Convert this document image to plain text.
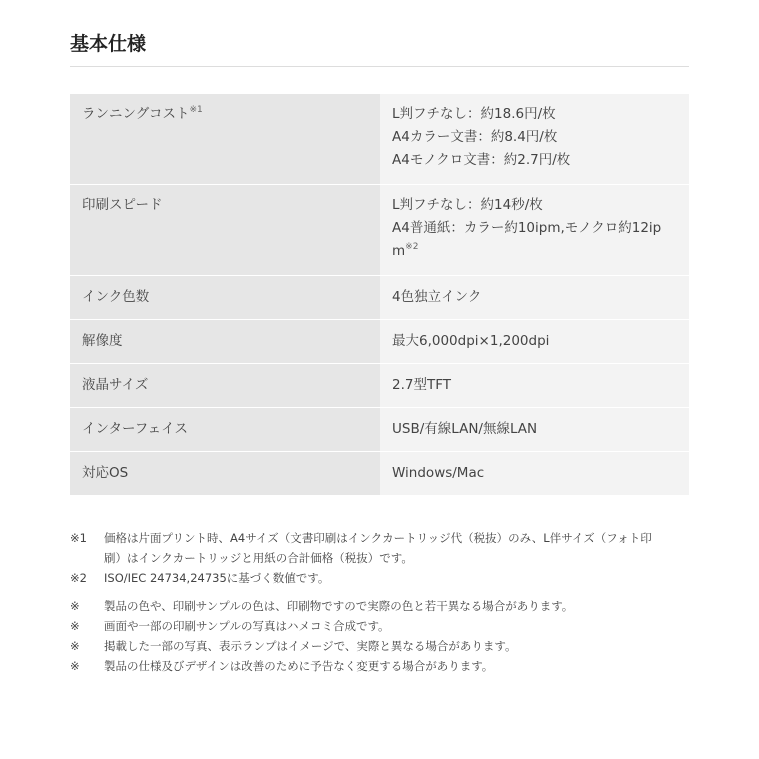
基本仕様
ランニングコスト$^{※1}$	L判フチなし：約18.6円/枚
A4カラー文書：約8.4円/枚
A4モノクロ文書：約2.7円/枚

印刷スピード	L判フチなし：約14秒/枚
A4普通紙：カラー約10ipm,モノクロ約12ip
$m^{※2}$

インク色数	4色独立インク
解像度	最大6,000dpi×1,200dpi
液晶サイズ	2.7型TFT
インターフェイス	USB/有線LAN/無線LAN
対応OS	Windows/Mac
※1	価格は片面プリント時、A4サイズ（文書印刷はインクカートリッジ代（税抜）のみ、L伴サイズ（フォト印
刷）はインクカートリッジと用紙の合計価格（税抜）です。
※2	ISO/IEC 24734,24735に基づく数値です。
※	製品の色や、印刷サンプルの色は、印刷物ですので実際の色と若干異なる場合があります。
※	画面や一部の印刷サンプルの写真はハメコミ合成です。
※	掲載した一部の写真、表示ランプはイメージで、実際と異なる場合があります。
※	製品の仕様及びデザインは改善のために予告なく変更する場合があります。
